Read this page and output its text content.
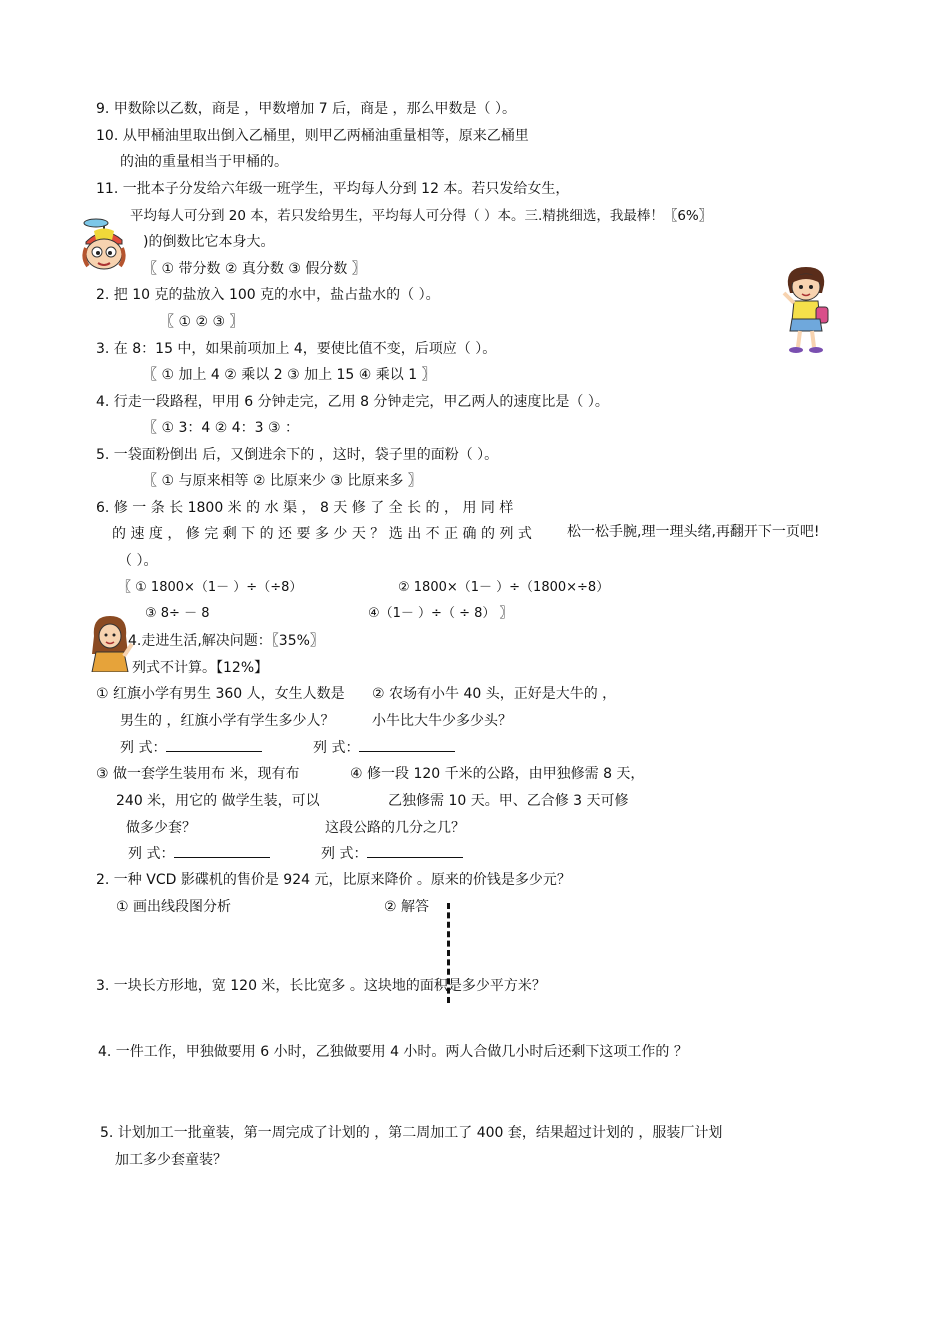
9. 甲数除以乙数，商是 ，甲数增加 7 后，商是 ，那么甲数是（ ）。
10. 从甲桶油里取出倒入乙桶里，则甲乙两桶油重量相等，原来乙桶里
的油的重量相当于甲桶的。
11. 一批本子分发给六年级一班学生，平均每人分到 12 本。若只发给女生，
平均每人可分到 20 本，若只发给男生，平均每人可分得（ ）本。三.精挑细选，我最棒！〖6%〗
)的倒数比它本身大。
〖 ① 带分数 ② 真分数 ③ 假分数 〗
2. 把 10 克的盐放入 100 克的水中，盐占盐水的（ ）。
〖 ① ② ③ 〗
3. 在 8：15 中，如果前项加上 4，要使比值不变，后项应（ ）。
〖 ① 加上 4 ② 乘以 2 ③ 加上 15 ④ 乘以 1 〗
4. 行走一段路程，甲用 6 分钟走完，乙用 8 分钟走完，甲乙两人的速度比是（ ）。
〖 ① 3：4 ② 4：3 ③ ：
5. 一袋面粉倒出 后，又倒进余下的 ，这时，袋子里的面粉（ ）。
〖 ① 与原来相等 ② 比原来少 ③ 比原来多 〗
6. 修 一 条 长 1800 米 的 水 渠 ， 8 天 修 了 全 长 的 ， 用 同 样
的 速 度 ， 修 完 剩 下 的 还 要 多 少 天 ？ 选 出 不 正 确 的 列 式	松一松手腕,理一理头绪,再翻开下一页吧!
（ ）。
〖 ① 1800×（1－ ）÷（÷8）	② 1800×（1－ ）÷（1800×÷8）
③ 8÷ － 8	④（1－ ）÷（ ÷ 8） 〗
4.走进生活,解决问题：〖35%〗
列式不计算。【12%】
① 红旗小学有男生 360 人，女生人数是 ② 农场有小牛 40 头，正好是大牛的 ，
男生的 ，红旗小学有学生多少人？	小牛比大牛少多少头？
列 式：	列 式：
③ 做一套学生装用布 米，现有布	④ 修一段 120 千米的公路，由甲独修需 8 天，
240 米，用它的 做学生装，可以	乙独修需 10 天。甲、乙合修 3 天可修
做多少套？	这段公路的几分之几？
列 式：	列 式：
2. 一种 VCD 影碟机的售价是 924 元，比原来降价 。原来的价钱是多少元？
① 画出线段图分析	② 解答
3. 一块长方形地，宽 120 米，长比宽多 。这块地的面积是多少平方米？
4. 一件工作，甲独做要用 6 小时，乙独做要用 4 小时。两人合做几小时后还剩下这项工作的 ？
5. 计划加工一批童装，第一周完成了计划的 ，第二周加工了 400 套，结果超过计划的 ，服装厂计划
加工多少套童装？
